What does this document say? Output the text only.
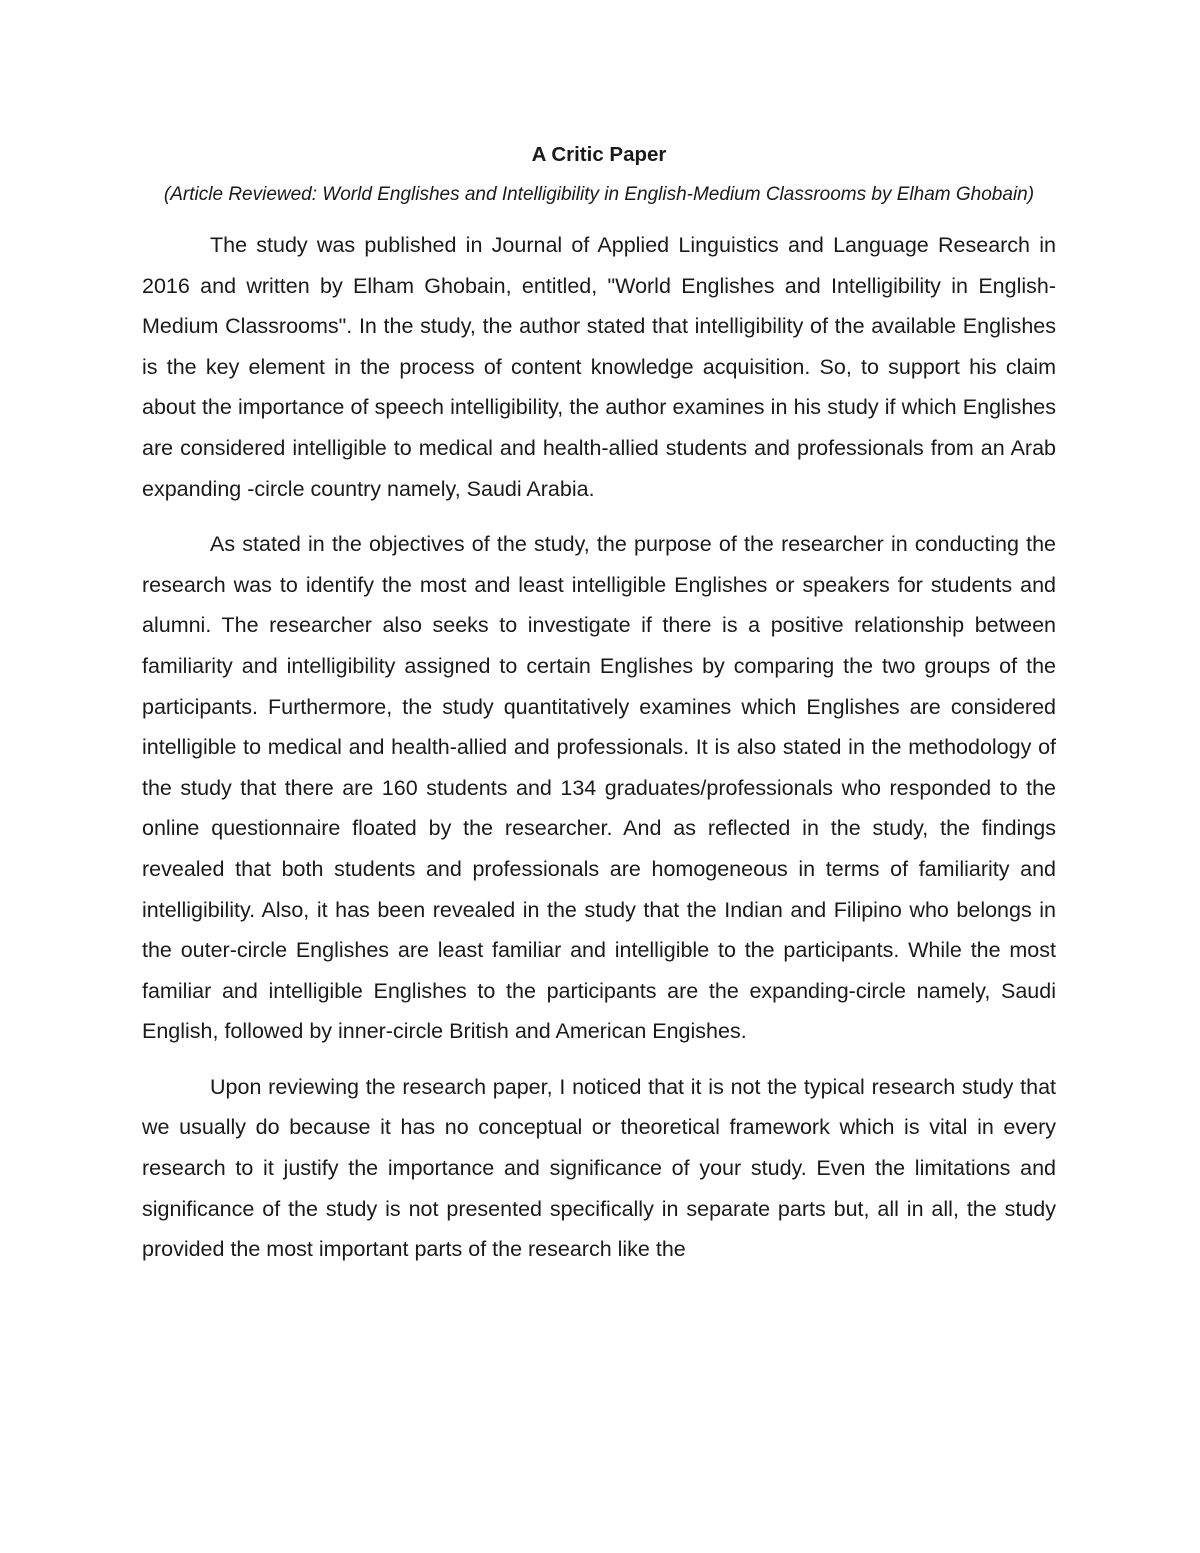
A Critic Paper

(Article Reviewed: World Englishes and Intelligibility in English-Medium Classrooms by Elham Ghobain)

The study was published in Journal of Applied Linguistics and Language Research in 2016 and written by Elham Ghobain, entitled, "World Englishes and Intelligibility in English-Medium Classrooms". In the study, the author stated that intelligibility of the available Englishes is the key element in the process of content knowledge acquisition. So, to support his claim about the importance of speech intelligibility, the author examines in his study if which Englishes are considered intelligible to medical and health-allied students and professionals from an Arab expanding -circle country namely, Saudi Arabia.

As stated in the objectives of the study, the purpose of the researcher in conducting the research was to identify the most and least intelligible Englishes or speakers for students and alumni. The researcher also seeks to investigate if there is a positive relationship between familiarity and intelligibility assigned to certain Englishes by comparing the two groups of the participants. Furthermore, the study quantitatively examines which Englishes are considered intelligible to medical and health-allied and professionals. It is also stated in the methodology of the study that there are 160 students and 134 graduates/professionals who responded to the online questionnaire floated by the researcher. And as reflected in the study, the findings revealed that both students and professionals are homogeneous in terms of familiarity and intelligibility. Also, it has been revealed in the study that the Indian and Filipino who belongs in the outer-circle Englishes are least familiar and intelligible to the participants. While the most familiar and intelligible Englishes to the participants are the expanding-circle namely, Saudi English, followed by inner-circle British and American Engishes.

Upon reviewing the research paper, I noticed that it is not the typical research study that we usually do because it has no conceptual or theoretical framework which is vital in every research to it justify the importance and significance of your study. Even the limitations and significance of the study is not presented specifically in separate parts but, all in all, the study provided the most important parts of the research like the
